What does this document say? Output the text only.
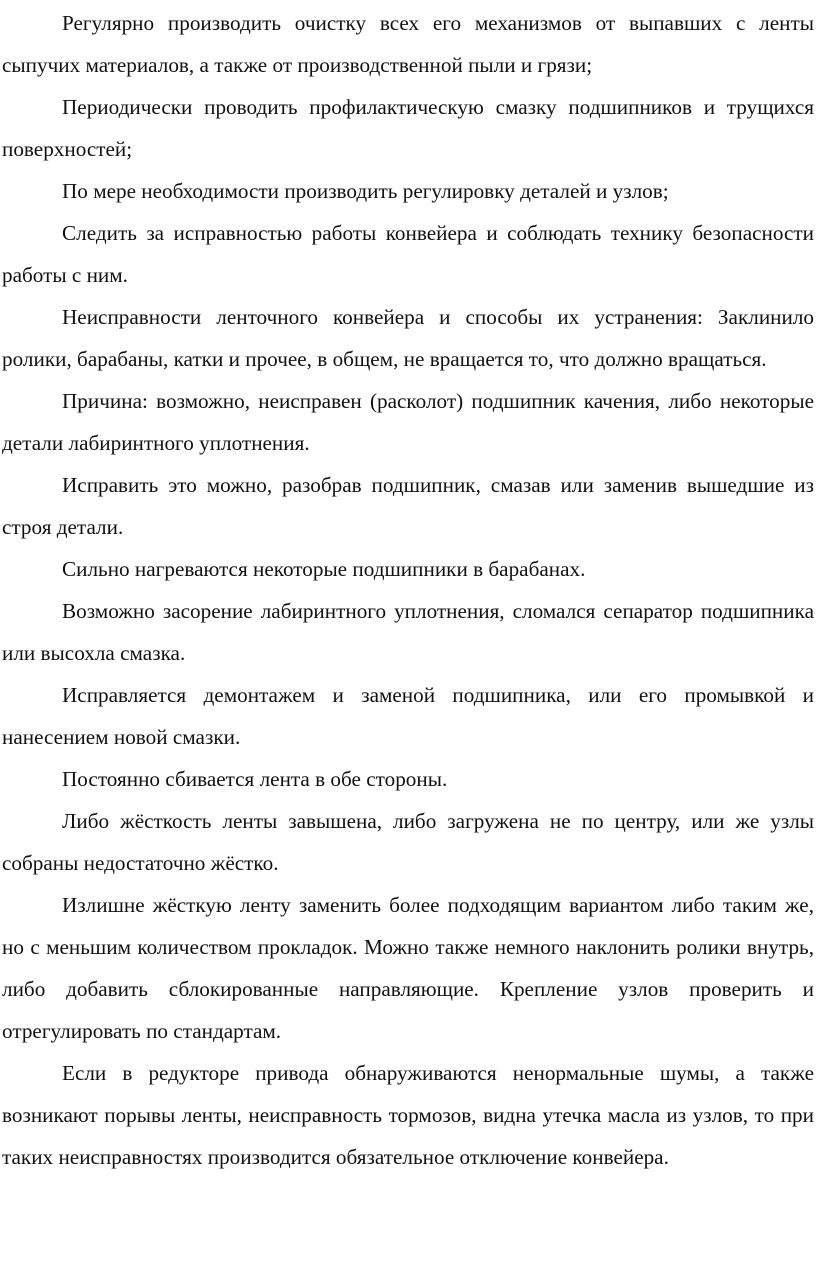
Регулярно производить очистку всех его механизмов от выпавших с ленты сыпучих материалов, а также от производственной пыли и грязи;

Периодически проводить профилактическую смазку подшипников и трущихся поверхностей;

По мере необходимости производить регулировку деталей и узлов;

Следить за исправностью работы конвейера и соблюдать технику безопасности работы с ним.

Неисправности ленточного конвейера и способы их устранения: Заклинило ролики, барабаны, катки и прочее, в общем, не вращается то, что должно вращаться.

Причина: возможно, неисправен (расколот) подшипник качения, либо некоторые детали лабиринтного уплотнения.

Исправить это можно, разобрав подшипник, смазав или заменив вышедшие из строя детали.

Сильно нагреваются некоторые подшипники в барабанах.

Возможно засорение лабиринтного уплотнения, сломался сепаратор подшипника или высохла смазка.

Исправляется демонтажем и заменой подшипника, или его промывкой и нанесением новой смазки.

Постоянно сбивается лента в обе стороны.

Либо жёсткость ленты завышена, либо загружена не по центру, или же узлы собраны недостаточно жёстко.

Излишне жёсткую ленту заменить более подходящим вариантом либо таким же, но с меньшим количеством прокладок. Можно также немного наклонить ролики внутрь, либо добавить сблокированные направляющие. Крепление узлов проверить и отрегулировать по стандартам.

Если в редукторе привода обнаруживаются ненормальные шумы, а также возникают порывы ленты, неисправность тормозов, видна утечка масла из узлов, то при таких неисправностях производится обязательное отключение конвейера.
